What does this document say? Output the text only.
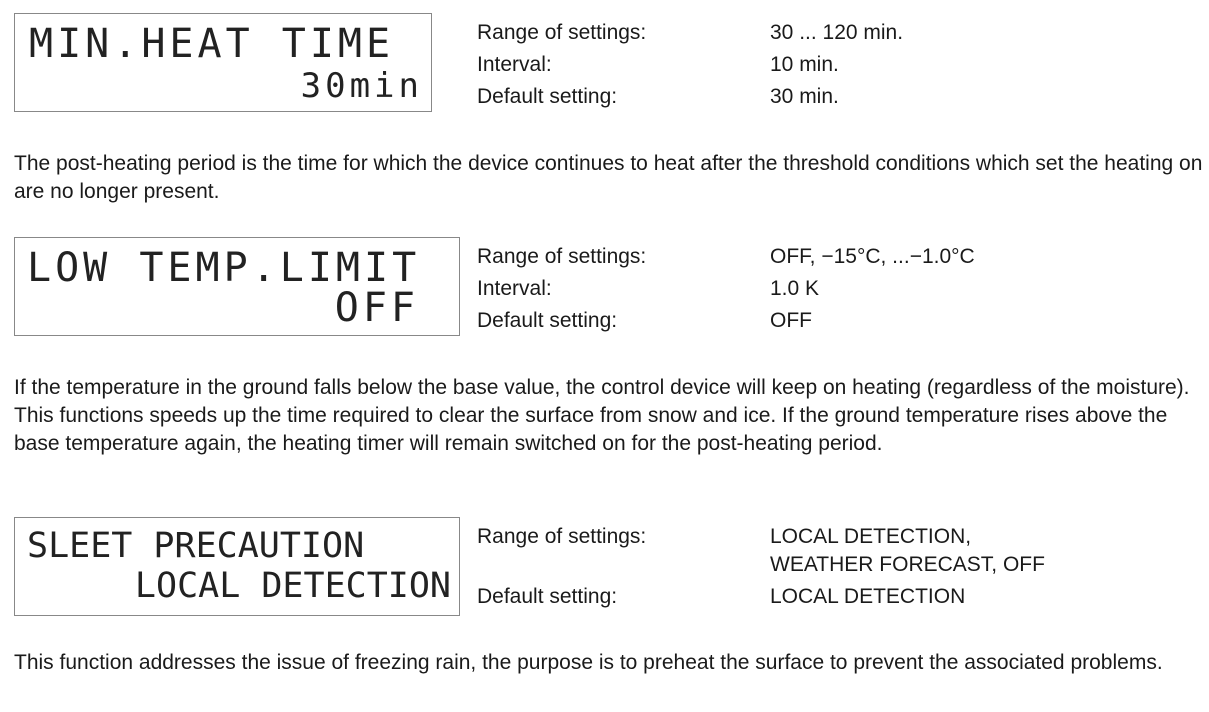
MIN.HEAT TIME
30min
Range of settings:	30 ... 120 min.
Interval:	10 min.
Default setting:	30 min.
The post-heating period is the time for which the device continues to heat after the threshold conditions which set the heating on are no longer present.
LOW TEMP.LIMIT
OFF
Range of settings:	OFF, −15°C, ...−1.0°C
Interval:	1.0 K
Default setting:	OFF
If the temperature in the ground falls below the base value, the control device will keep on heating (regardless of the moisture). This functions speeds up the time required to clear the surface from snow and ice. If the ground temperature rises above the base temperature again, the heating timer will remain switched on for the post-heating period.
SLEET PRECAUTION
LOCAL DETECTION
Range of settings:	LOCAL DETECTION,
WEATHER FORECAST, OFF
Default setting:	LOCAL DETECTION
This function addresses the issue of freezing rain, the purpose is to preheat the surface to prevent the associated problems.
